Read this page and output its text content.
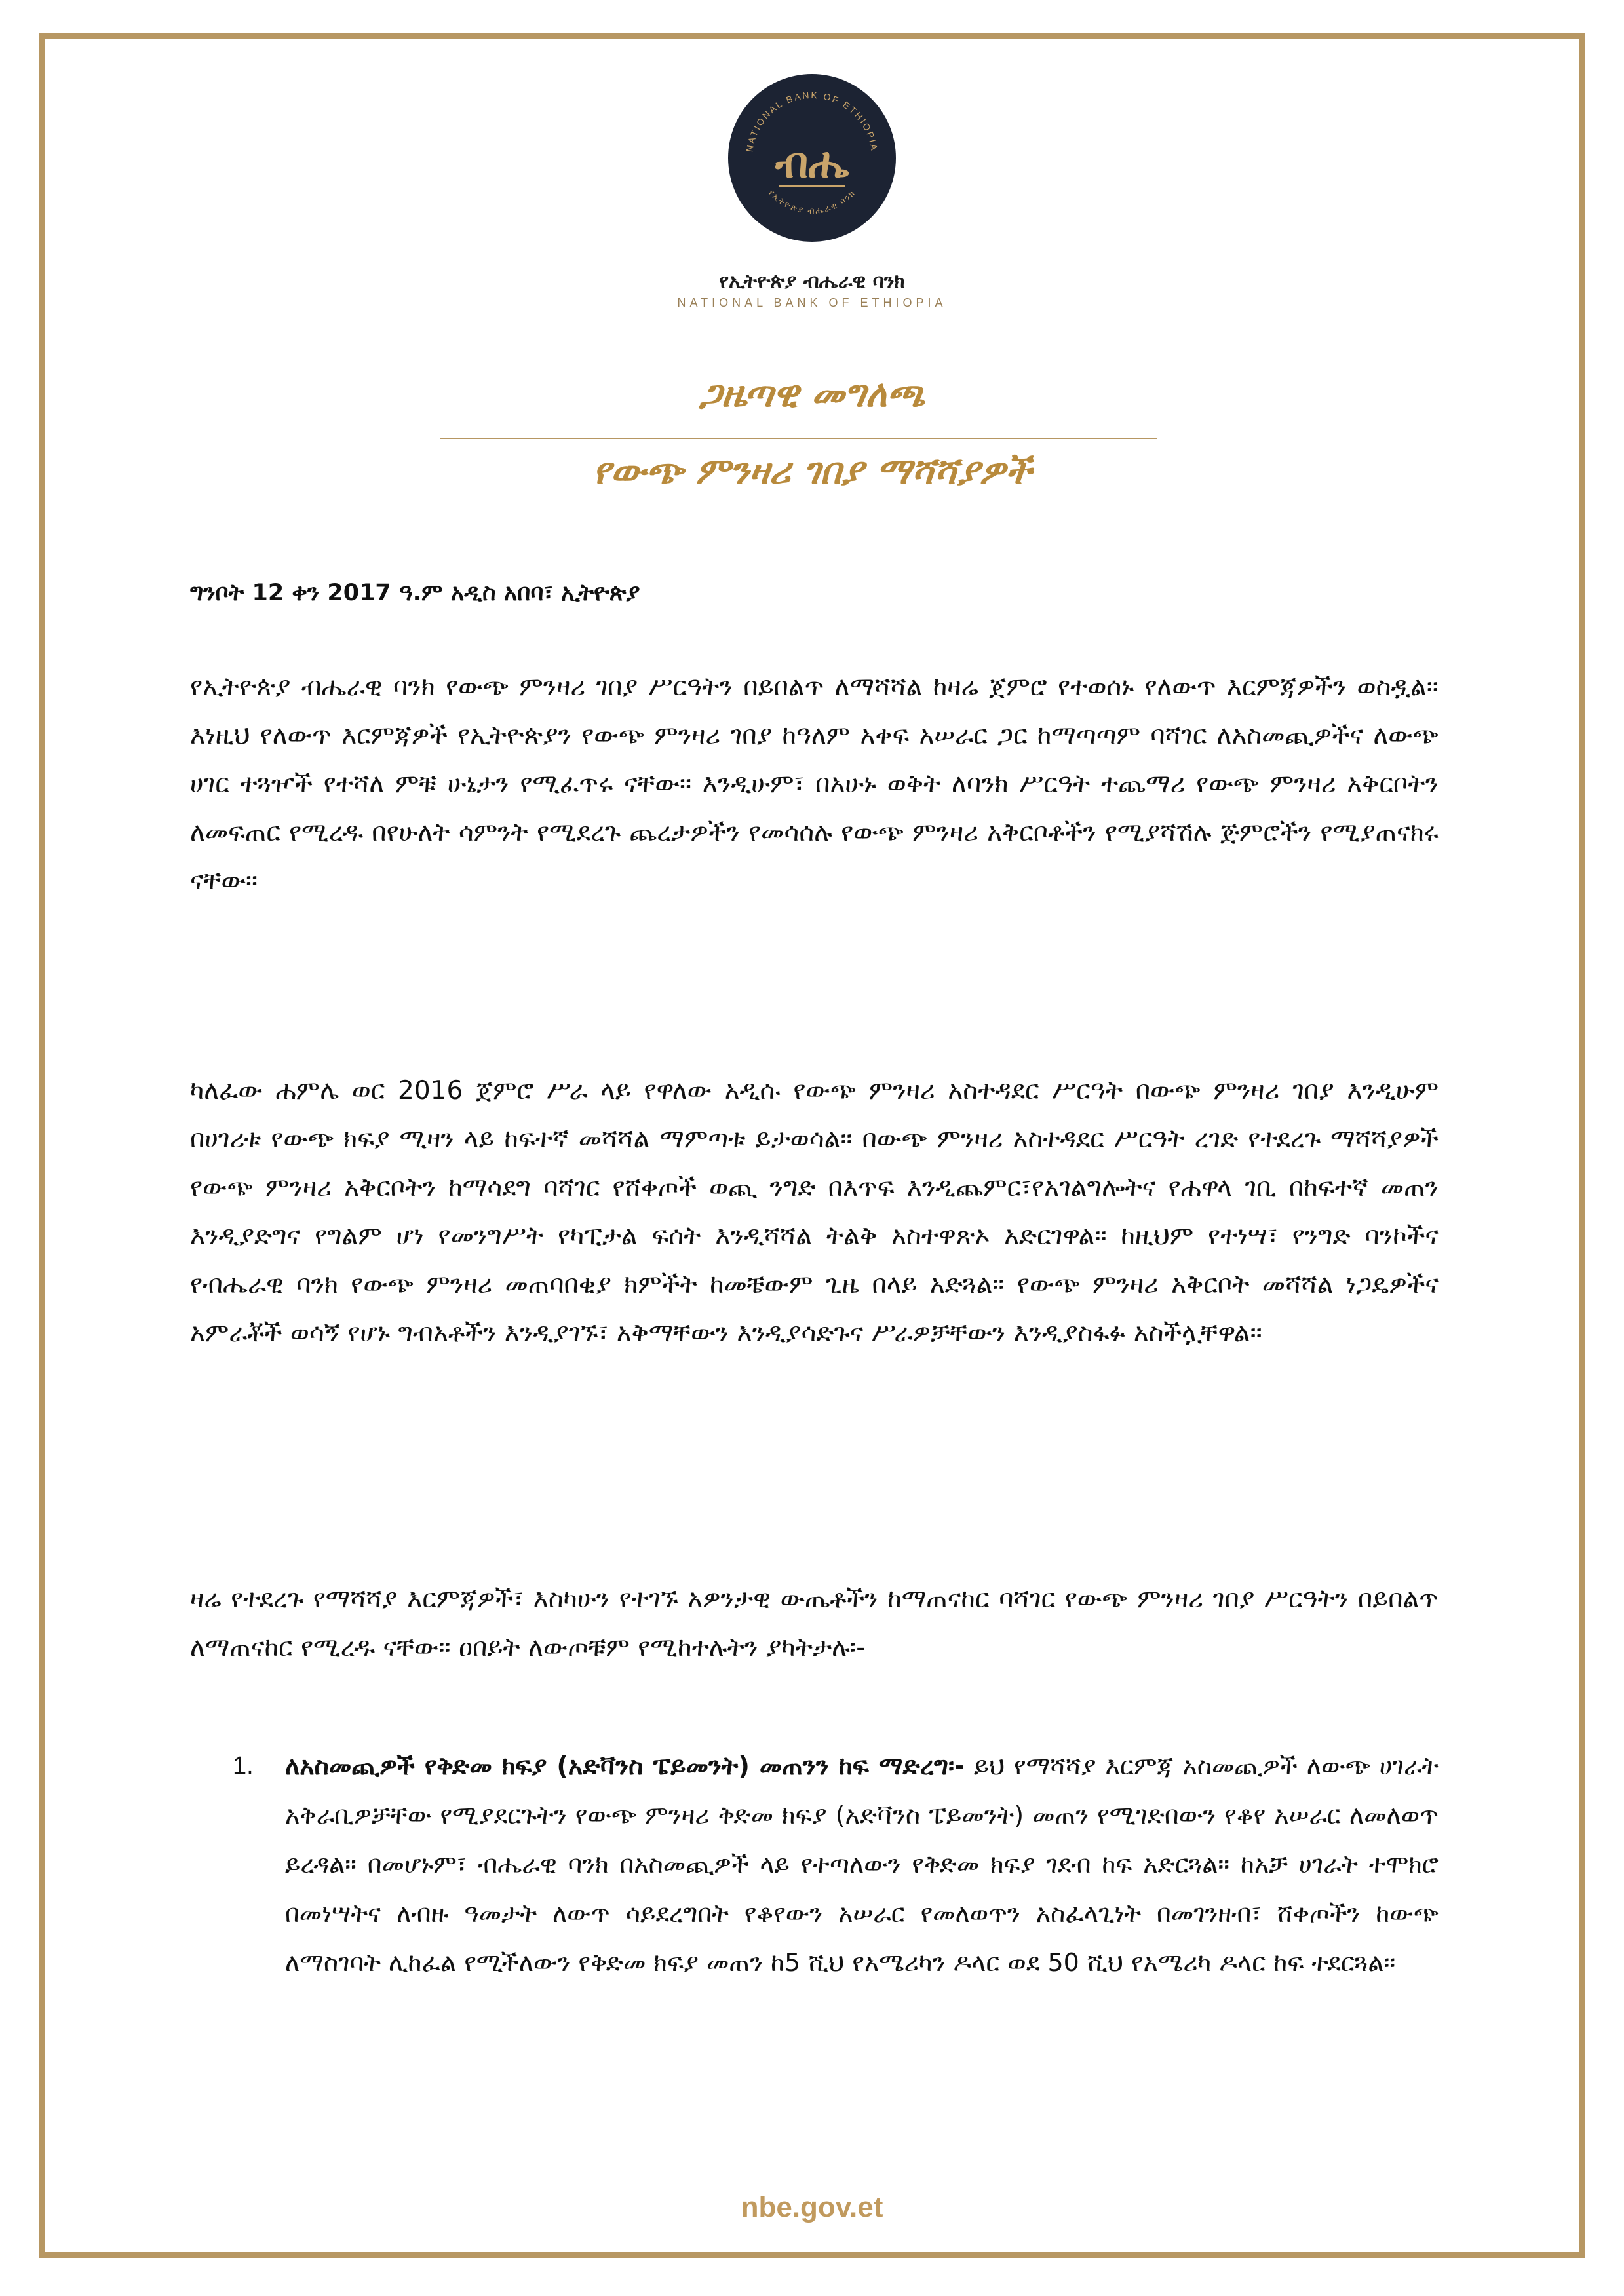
NATIONAL BANK OF ETHIOPIA
የኢትዮጵያ ብሔራዊ ባንክ
ብሔ
የኢትዮጵያ ብሔራዊ ባንክ
NATIONAL BANK OF ETHIOPIA
ጋዜጣዊ መግለጫ
የውጭ ምንዛሪ ገበያ ማሻሻያዎች
ግንቦት 12 ቀን 2017 ዓ.ም አዲስ አበባ፣ ኢትዮጵያ
የኢትዮጵያ ብሔራዊ ባንክ የውጭ ምንዛሪ ገበያ ሥርዓትን በይበልጥ ለማሻሻል ከዛሬ ጀምሮ የተወሰኑ የለውጥ እርምጃዎችን ወስዷል። እነዚህ የለውጥ እርምጃዎች የኢትዮጵያን የውጭ ምንዛሪ ገበያ ከዓለም አቀፍ አሠራር ጋር ከማጣጣም ባሻገር ለአስመጪዎችና ለውጭ ሀገር ተጓዦች የተሻለ ምቹ ሁኔታን የሚፈጥሩ ናቸው። እንዲሁም፣ በአሁኑ ወቅት ለባንክ ሥርዓት ተጨማሪ የውጭ ምንዛሪ አቅርቦትን ለመፍጠር የሚረዱ በየሁለት ሳምንት የሚደረጉ ጨረታዎችን የመሳሰሉ የውጭ ምንዛሪ አቅርቦቶችን የሚያሻሽሉ ጅምሮችን የሚያጠናክሩ ናቸው።
ካለፈው ሐምሌ ወር 2016 ጀምሮ ሥራ ላይ የዋለው አዲሱ የውጭ ምንዛሪ አስተዳደር ሥርዓት በውጭ ምንዛሪ ገበያ እንዲሁም በሀገሪቱ የውጭ ክፍያ ሚዛን ላይ ከፍተኛ መሻሻል ማምጣቱ ይታወሳል። በውጭ ምንዛሪ አስተዳደር ሥርዓት ረገድ የተደረጉ ማሻሻያዎች የውጭ ምንዛሪ አቅርቦትን ከማሳደግ ባሻገር የሸቀጦች ወጪ ንግድ በእጥፍ እንዲጨምር፣የአገልግሎትና የሐዋላ ገቢ በከፍተኛ መጠን እንዲያድግና የግልም ሆነ የመንግሥት የካፒታል ፍሰት እንዲሻሻል ትልቅ አስተዋጽኦ አድርገዋል። ከዚህም የተነሣ፣ የንግድ ባንኮችና የብሔራዊ ባንክ የውጭ ምንዛሪ መጠባበቂያ ክምችት ከመቼውም ጊዜ በላይ አድጓል። የውጭ ምንዛሪ አቅርቦት መሻሻል ነጋዴዎችና አምራቾች ወሳኝ የሆኑ ግብአቶችን እንዲያገኙ፣ አቅማቸውን እንዲያሳድጉና ሥራዎቻቸውን እንዲያስፋፉ አስችሏቸዋል።
ዛሬ የተደረጉ የማሻሻያ እርምጃዎች፣ እስካሁን የተገኙ አዎንታዊ ውጤቶችን ከማጠናከር ባሻገር የውጭ ምንዛሪ ገበያ ሥርዓትን በይበልጥ ለማጠናከር የሚረዱ ናቸው። ዐበይት ለውጦቹም የሚከተሉትን ያካትታሉ፡-
1. ለአስመጪዎች የቅድመ ክፍያ (አድቫንስ ፔይመንት) መጠንን ከፍ ማድረግ፡- ይህ የማሻሻያ እርምጃ አስመጪዎች ለውጭ ሀገራት አቅራቢዎቻቸው የሚያደርጉትን የውጭ ምንዛሪ ቅድመ ክፍያ (አድቫንስ ፔይመንት) መጠን የሚገድበውን የቆየ አሠራር ለመለወጥ ይረዳል። በመሆኑም፣ ብሔራዊ ባንክ በአስመጪዎች ላይ የተጣለውን የቅድመ ክፍያ ገደብ ከፍ አድርጓል። ከአቻ ሀገራት ተሞክሮ በመነሣትና ለብዙ ዓመታት ለውጥ ሳይደረግበት የቆየውን አሠራር የመለወጥን አስፈላጊነት በመገንዘብ፣ ሸቀጦችን ከውጭ ለማስገባት ሊከፈል የሚችለውን የቅድመ ክፍያ መጠን ከ5 ሺህ የአሜሪካን ዶላር ወደ 50 ሺህ የአሜሪካ ዶላር ከፍ ተደርጓል።
nbe.gov.et
